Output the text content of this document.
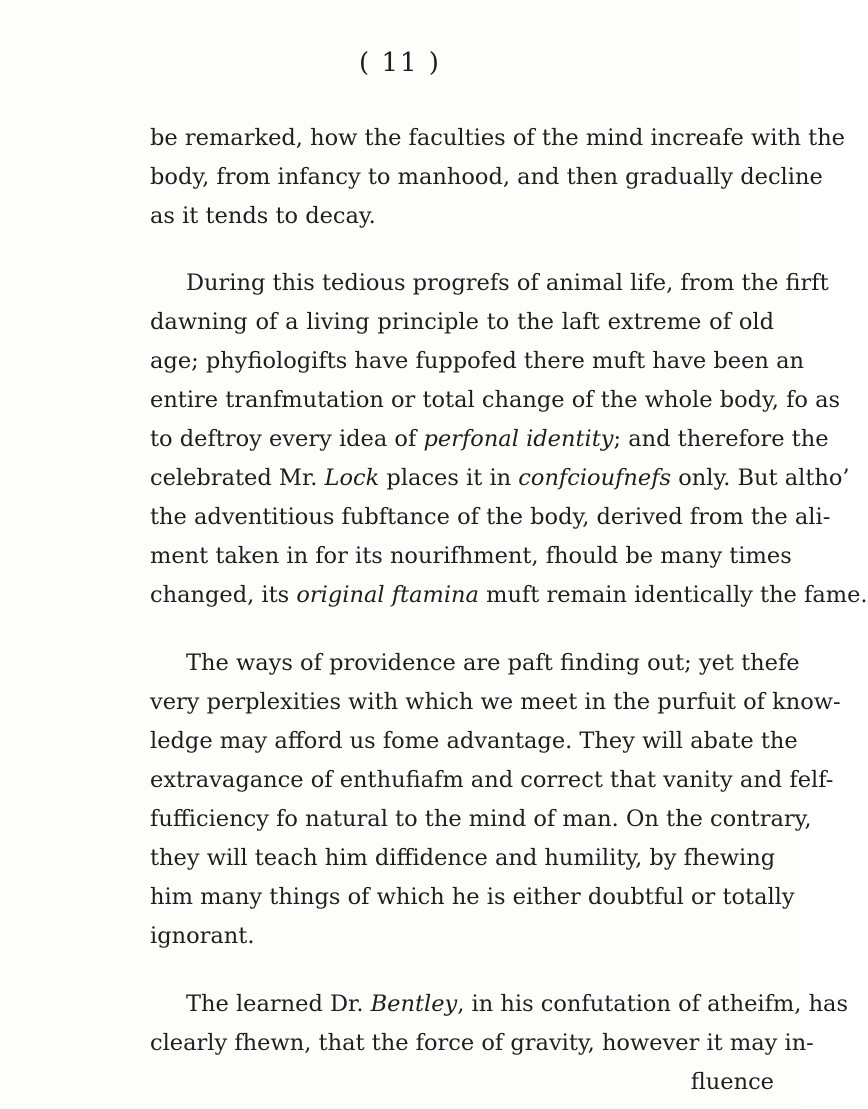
( 11 )
be remarked, how the faculties of the mind increafe with the
body, from infancy to manhood, and then gradually decline
as it tends to decay.
During this tedious progrefs of animal life, from the firft
dawning of a living principle to the laft extreme of old
age; phyfiologifts have fuppofed there muft have been an
entire tranfmutation or total change of the whole body, fo as
to deftroy every idea of perfonal identity; and therefore the
celebrated Mr. Lock places it in confcioufnefs only. But altho’
the adventitious fubftance of the body, derived from the ali-
ment taken in for its nourifhment, fhould be many times
changed, its original ftamina muft remain identically the fame.
The ways of providence are paft finding out; yet thefe
very perplexities with which we meet in the purfuit of know-
ledge may afford us fome advantage. They will abate the
extravagance of enthufiafm and correct that vanity and felf-
fufficiency fo natural to the mind of man. On the contrary,
they will teach him diffidence and humility, by fhewing
him many things of which he is either doubtful or totally
ignorant.
The learned Dr. Bentley, in his confutation of atheifm, has
clearly fhewn, that the force of gravity, however it may in-
fluence
